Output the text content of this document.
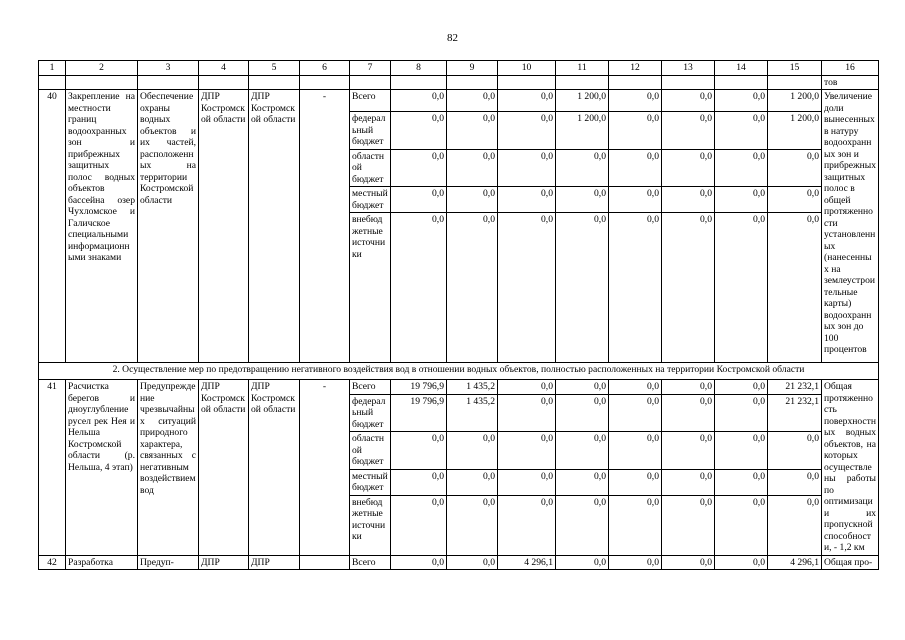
82
1	2	3	4	5	6	7	8	9	10	11	12	13	14	15	16
															тов
40	Закрепление на местности границ водоохранных зон и прибрежных защитных полос водных объектов бассейна озер Чухломское и Галичское специальными информационными знаками	Обеспечение охраны водных объектов и их частей, расположенных на территории Костромской области	ДПР Костромской области	ДПР Костромской области	-	Всего	0,0	0,0	0,0	1 200,0	0,0	0,0	0,0	1 200,0	Увеличение доли вынесенных в натуру водоохранных зон и прибрежных защитных полос в общей протяженности установленных (нанесенных на землеустроительные карты) водоохранных зон до 100 процентов
						федеральный бюджет	0,0	0,0	0,0	1 200,0	0,0	0,0	0,0	1 200,0	
						областной бюджет	0,0	0,0	0,0	0,0	0,0	0,0	0,0	0,0	
						местный бюджет	0,0	0,0	0,0	0,0	0,0	0,0	0,0	0,0	
						внебюджетные источники	0,0	0,0	0,0	0,0	0,0	0,0	0,0	0,0	
2. Осуществление мер по предотвращению негативного воздействия вод в отношении водных объектов, полностью расположенных на территории Костромской области															
41	Расчистка берегов и дноуглубление русел рек Нея и Нельша Костромской области (р. Нельша, 4 этап)	Предупреждение чрезвычайных ситуаций природного характера, связанных с негативным воздействием вод	ДПР Костромской области	ДПР Костромской области	-	Всего	19 796,9	1 435,2	0,0	0,0	0,0	0,0	0,0	21 232,1	Общая протяженность поверхностных водных объектов, на которых осуществлены работы по оптимизации их пропускной способности, - 1,2 км
						федеральный бюджет	19 796,9	1 435,2	0,0	0,0	0,0	0,0	0,0	21 232,1	
						областной бюджет	0,0	0,0	0,0	0,0	0,0	0,0	0,0	0,0	
						местный бюджет	0,0	0,0	0,0	0,0	0,0	0,0	0,0	0,0	
						внебюджетные источники	0,0	0,0	0,0	0,0	0,0	0,0	0,0	0,0	
42	Разработка	Предуп-	ДПР	ДПР		Всего	0,0	0,0	4 296,1	0,0	0,0	0,0	0,0	4 296,1	Общая про-
